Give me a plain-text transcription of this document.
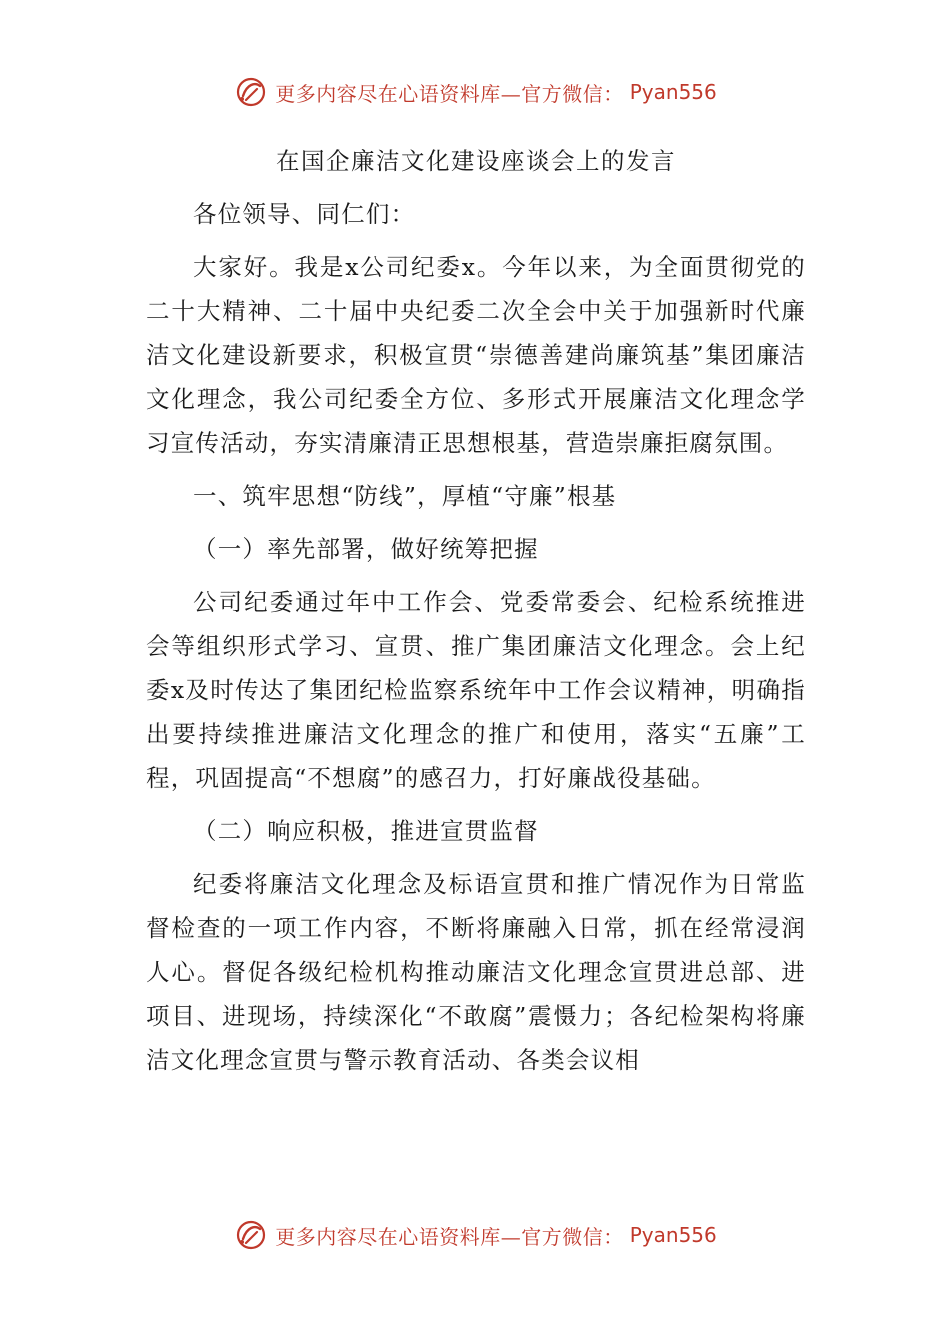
更多内容尽在心语资料库—官方微信： Pyan556
在国企廉洁文化建设座谈会上的发言

各位领导、同仁们：

大家好。我是x公司纪委x。今年以来，为全面贯彻党的二十大精神、二十届中央纪委二次全会中关于加强新时代廉洁文化建设新要求，积极宣贯“崇德善建尚廉筑基”集团廉洁文化理念，我公司纪委全方位、多形式开展廉洁文化理念学习宣传活动，夯实清廉清正思想根基，营造崇廉拒腐氛围。

一、筑牢思想“防线”，厚植“守廉”根基

（一）率先部署，做好统筹把握

公司纪委通过年中工作会、党委常委会、纪检系统推进会等组织形式学习、宣贯、推广集团廉洁文化理念。会上纪委x及时传达了集团纪检监察系统年中工作会议精神，明确指出要持续推进廉洁文化理念的推广和使用，落实“五廉”工程，巩固提高“不想腐”的感召力，打好廉战役基础。

（二）响应积极，推进宣贯监督

纪委将廉洁文化理念及标语宣贯和推广情况作为日常监督检查的一项工作内容，不断将廉融入日常，抓在经常浸润人心。督促各级纪检机构推动廉洁文化理念宣贯进总部、进项目、进现场，持续深化“不敢腐”震慑力；各纪检架构将廉洁文化理念宣贯与警示教育活动、各类会议相

更多内容尽在心语资料库—官方微信： Pyan556
